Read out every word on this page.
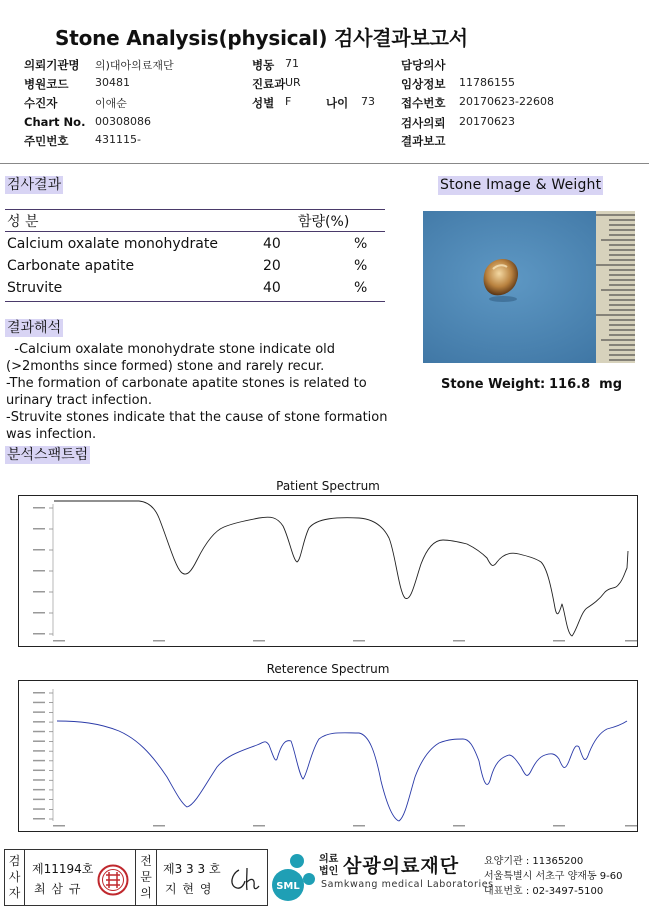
Stone Analysis(physical) 검사결과보고서
의뢰기관명 의)대아의료재단
병원코드 30481
수진자	이애순
Chart No. 00308086
주민번호 431115-
병동 71
진료과 UR
성별 F	나이 73
담당의사
임상정보 11786155
접수번호 20170623-22608
검사의뢰 20170623
결과보고
검사결과
성 분	함량(%)
Calcium oxalate monohydrate	40	%
Carbonate apatite	20	%
Struvite	40	%
Stone Image & Weight
Stone Weight: 116.8  mg
결과해석
-Calcium oxalate monohydrate stone indicate old
(>2months since formed) stone and rarely recur.
-The formation of carbonate apatite stones is related to
urinary tract infection.
-Struvite stones indicate that the cause of stone formation
was infection.
분석스팩트럼
Patient Spectrum
Reterence Spectrum
검
사
자
제11194호
최 삼 규
전
문
의
제3 3 3 호
지 현 영	SML
의료
법인 삼광의료재단
Samkwang medical Laboratories
요양기관 : 11365200
서울특별시 서초구 양재동 9-60
대표번호 : 02-3497-5100
